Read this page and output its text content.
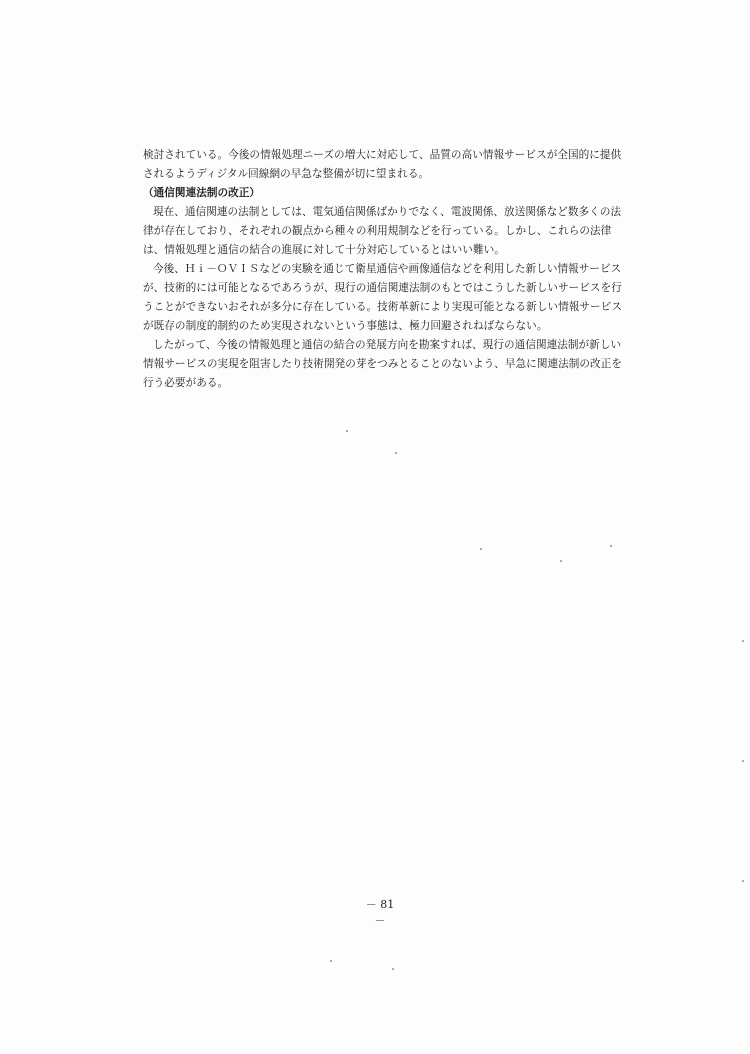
検討されている。今後の情報処理ニーズの増大に対応して、品質の高い情報サービスが全国的に提供
されるようディジタル回線網の早急な整備が切に望まれる。
（通信関連法制の改正）
現在、通信関連の法制としては、電気通信関係ばかりでなく、電波関係、放送関係など数多くの法
律が存在しており、それぞれの観点から種々の利用規制などを行っている。しかし、これらの法律
は、情報処理と通信の結合の進展に対して十分対応しているとはいい難い。
今後、Ｈｉ－ＯＶＩＳなどの実験を通じて衛星通信や画像通信などを利用した新しい情報サービス
が、技術的には可能となるであろうが、現行の通信関連法制のもとではこうした新しいサービスを行
うことができないおそれが多分に存在している。技術革新により実現可能となる新しい情報サービス
が既存の制度的制約のため実現されないという事態は、極力回避されねばならない。
したがって、今後の情報処理と通信の結合の発展方向を勘案すれば、現行の通信関連法制が新しい
情報サービスの実現を阻害したり技術開発の芽をつみとることのないよう、早急に関連法制の改正を
行う必要がある。
－ 81 －
